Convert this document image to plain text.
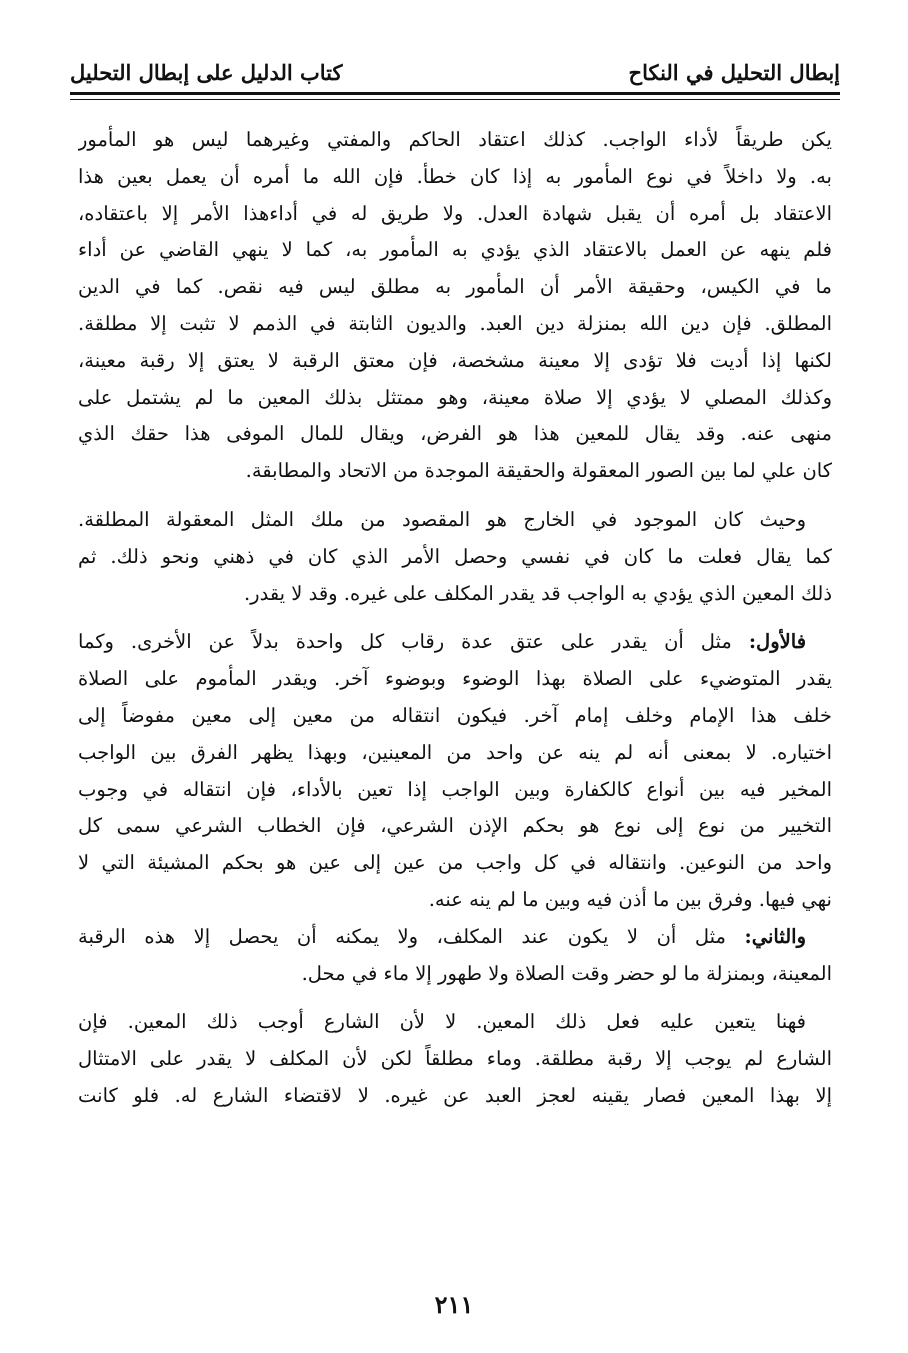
إبطال التحليل في النكاح
كتاب الدليل على إبطال التحليل
يكن طريقاً لأداء الواجب. كذلك اعتقاد الحاكم والمفتي وغيرهما ليس هو المأمور
به. ولا داخلاً في نوع المأمور به إذا كان خطأ. فإن الله ما أمره أن يعمل بعين هذا
الاعتقاد بل أمره أن يقبل شهادة العدل. ولا طريق له في أداءهذا الأمر إلا باعتقاده،
فلم ينهه عن العمل بالاعتقاد الذي يؤدي به المأمور به، كما لا ينهي القاضي عن أداء
ما في الكيس، وحقيقة الأمر أن المأمور به مطلق ليس فيه نقص. كما في الدين
المطلق. فإن دين الله بمنزلة دين العبد. والديون الثابتة في الذمم لا تثبت إلا مطلقة.
لكنها إذا أديت فلا تؤدى إلا معينة مشخصة، فإن معتق الرقبة لا يعتق إلا رقبة معينة،
وكذلك المصلي لا يؤدي إلا صلاة معينة، وهو ممتثل بذلك المعين ما لم يشتمل على
منهى عنه. وقد يقال للمعين هذا هو الفرض، ويقال للمال الموفى هذا حقك الذي
كان علي لما بين الصور المعقولة والحقيقة الموجدة من الاتحاد والمطابقة.
وحيث كان الموجود في الخارج هو المقصود من ملك المثل المعقولة المطلقة.
كما يقال فعلت ما كان في نفسي وحصل الأمر الذي كان في ذهني ونحو ذلك. ثم
ذلك المعين الذي يؤدي به الواجب قد يقدر المكلف على غيره. وقد لا يقدر.
فالأول: مثل أن يقدر على عتق عدة رقاب كل واحدة بدلاً عن الأخرى. وكما
يقدر المتوضيء على الصلاة بهذا الوضوء وبوضوء آخر. ويقدر المأموم على الصلاة
خلف هذا الإمام وخلف إمام آخر. فيكون انتقاله من معين إلى معين مفوضاً إلى
اختياره. لا بمعنى أنه لم ينه عن واحد من المعينين، وبهذا يظهر الفرق بين الواجب
المخير فيه بين أنواع كالكفارة وبين الواجب إذا تعين بالأداء، فإن انتقاله في وجوب
التخيير من نوع إلى نوع هو بحكم الإذن الشرعي، فإن الخطاب الشرعي سمى كل
واحد من النوعين. وانتقاله في كل واجب من عين إلى عين هو بحكم المشيئة التي لا
نهي فيها. وفرق بين ما أذن فيه وبين ما لم ينه عنه.
والثاني: مثل أن لا يكون عند المكلف، ولا يمكنه أن يحصل إلا هذه الرقبة
المعينة، وبمنزلة ما لو حضر وقت الصلاة ولا طهور إلا ماء في محل.
فهنا يتعين عليه فعل ذلك المعين. لا لأن الشارع أوجب ذلك المعين. فإن
الشارع لم يوجب إلا رقبة مطلقة. وماء مطلقاً لكن لأن المكلف لا يقدر على الامتثال
إلا بهذا المعين فصار يقينه لعجز العبد عن غيره. لا لاقتضاء الشارع له. فلو كانت
٢١١
